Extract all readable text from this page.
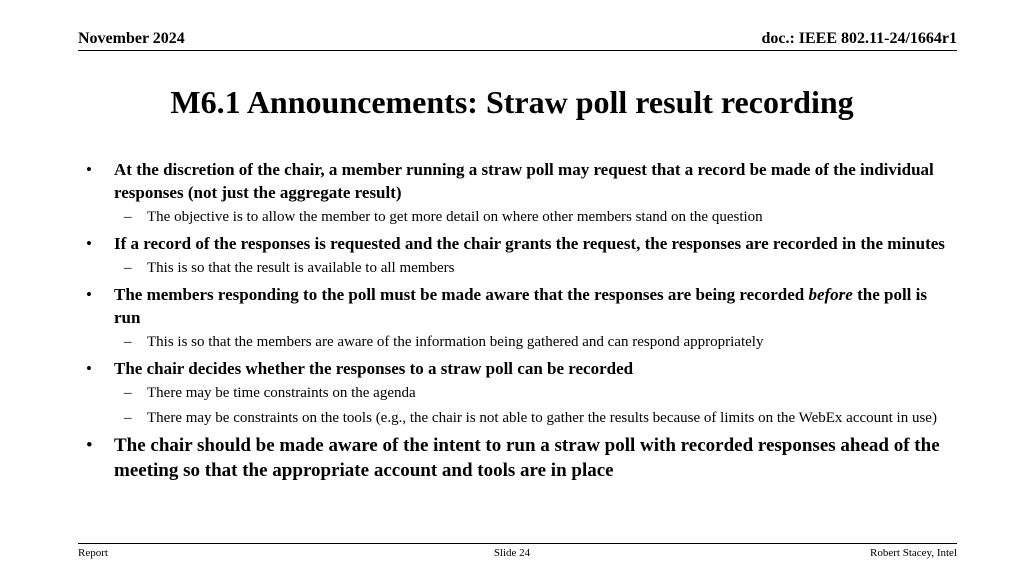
November 2024	doc.: IEEE 802.11-24/1664r1
M6.1 Announcements: Straw poll result recording
• At the discretion of the chair, a member running a straw poll may request that a record be made of the individual responses (not just the aggregate result)
– The objective is to allow the member to get more detail on where other members stand on the question
• If a record of the responses is requested and the chair grants the request, the responses are recorded in the minutes
– This is so that the result is available to all members
• The members responding to the poll must be made aware that the responses are being recorded before the poll is run
– This is so that the members are aware of the information being gathered and can respond appropriately
• The chair decides whether the responses to a straw poll can be recorded
– There may be time constraints on the agenda
– There may be constraints on the tools (e.g., the chair is not able to gather the results because of limits on the WebEx account in use)
• The chair should be made aware of the intent to run a straw poll with recorded responses ahead of the meeting so that the appropriate account and tools are in place
Report	Slide 24	Robert Stacey, Intel
